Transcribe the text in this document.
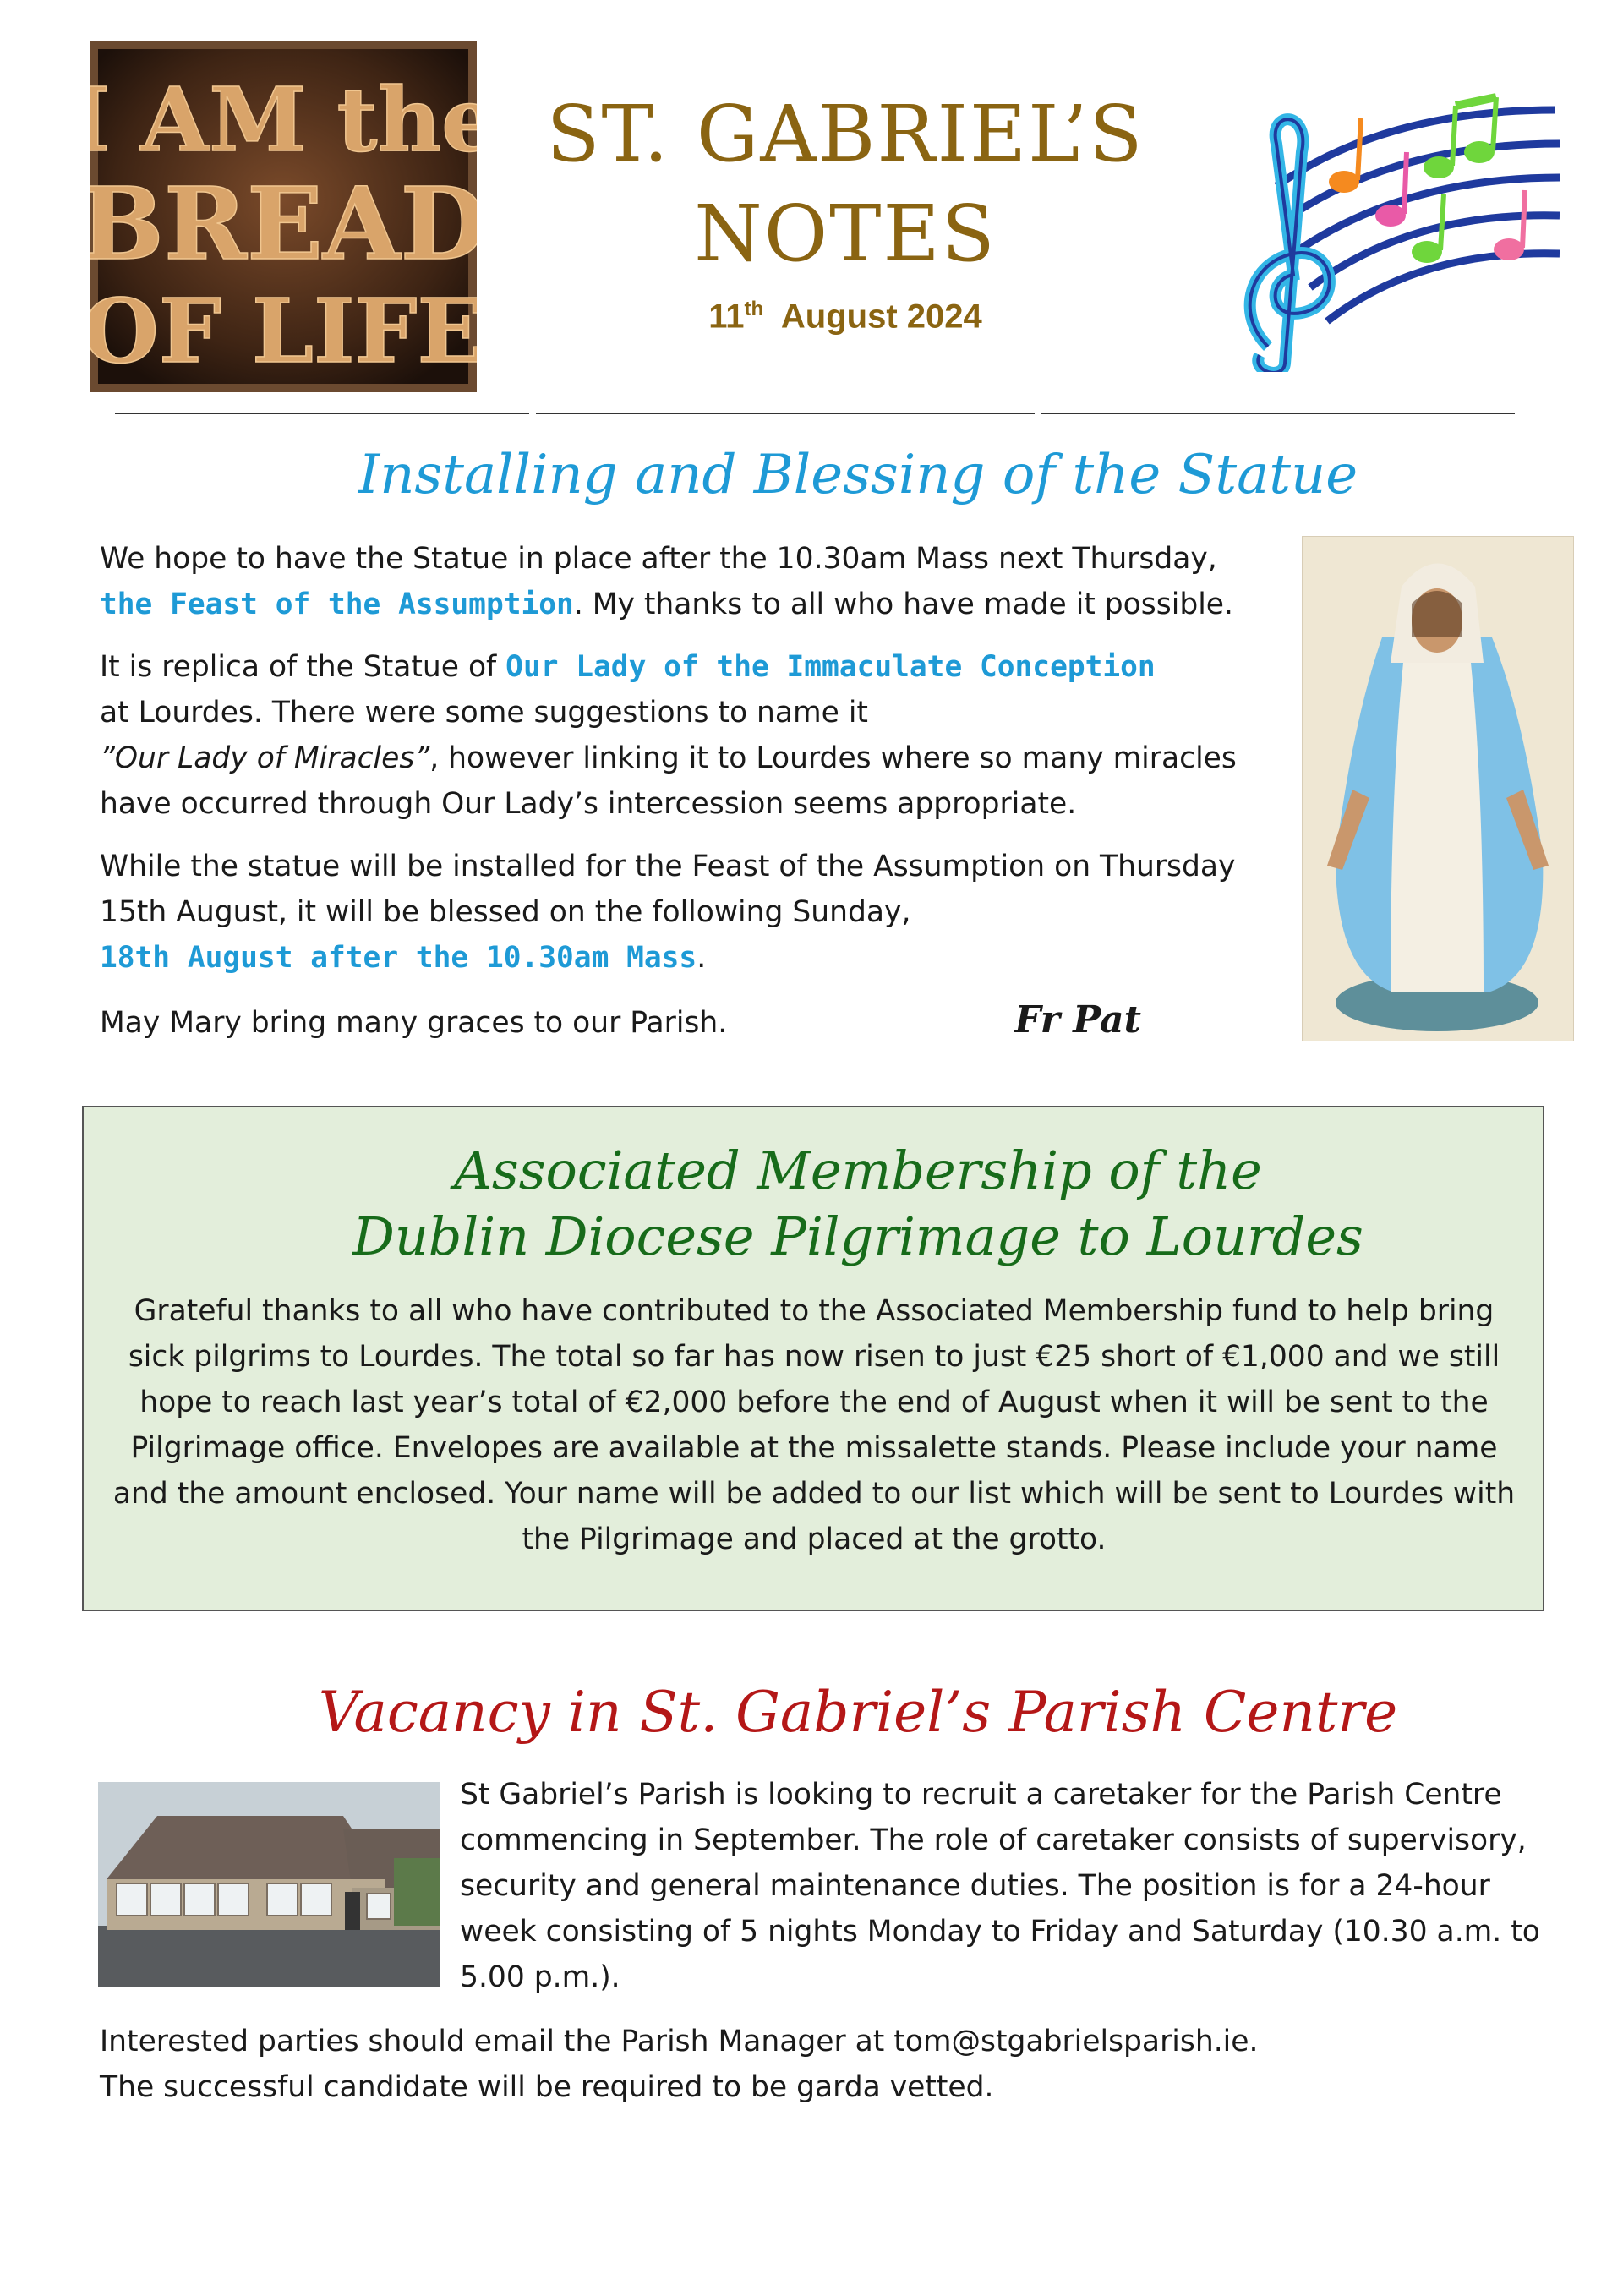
I AM the
BREAD
OF LIFE
ST. GABRIEL’S
NOTES
11th August 2024
Installing and Blessing of the Statue

We hope to have the Statue in place after the 10.30am Mass next Thursday,
the Feast of the Assumption. My thanks to all who have made it possible.

It is replica of the Statue of Our Lady of the Immaculate Conception
at Lourdes. There were some suggestions to name it
”Our Lady of Miracles”, however linking it to Lourdes where so many miracles have occurred through Our Lady’s intercession seems appropriate.

While the statue will be installed for the Feast of the Assumption on Thursday 15th August, it will be blessed on the following Sunday,
18th August after the 10.30am Mass.

May Mary bring many graces to our Parish.	Fr Pat

Associated Membership of the
Dublin Diocese Pilgrimage to Lourdes
Grateful thanks to all who have contributed to the Associated Membership fund to help bring sick pilgrims to Lourdes. The total so far has now risen to just €25 short of €1,000 and we still hope to reach last year’s total of €2,000 before the end of August when it will be sent to the Pilgrimage office. Envelopes are available at the missalette stands. Please include your name and the amount enclosed. Your name will be added to our list which will be sent to Lourdes with the Pilgrimage and placed at the grotto.
Vacancy in St. Gabriel’s Parish Centre
St Gabriel’s Parish is looking to recruit a caretaker for the Parish Centre commencing in September. The role of caretaker consists of supervisory, security and general maintenance duties. The position is for a 24-hour week consisting of 5 nights Monday to Friday and Saturday (10.30 a.m. to 5.00 p.m.).
Interested parties should email the Parish Manager at tom@stgabrielsparish.ie.
The successful candidate will be required to be garda vetted.
